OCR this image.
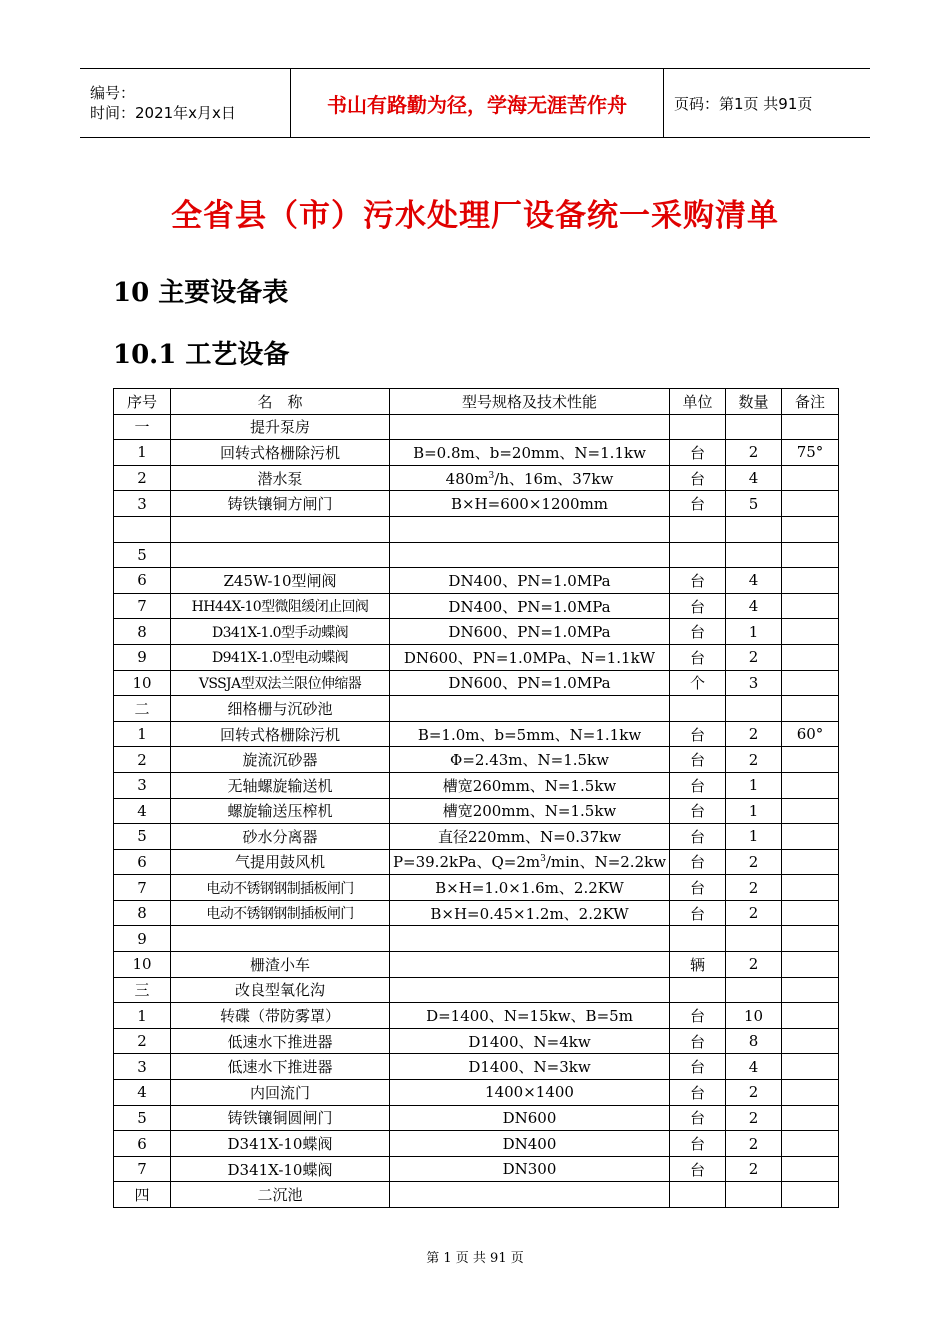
编号：
时间：2021年x月x日	书山有路勤为径，学海无涯苦作舟	页码：第1页 共91页
全省县（市）污水处理厂设备统一采购清单
10 主要设备表
10.1 工艺设备
序号	名　称	型号规格及技术性能	单位	数量	备注
一	提升泵房				
1	回转式格栅除污机	B=0.8m、b=20mm、N=1.1kw	台	2	75°
2	潜水泵	$480m^3/h$、16m、37kw	台	4	
3	铸铁镶铜方闸门	B×H=600×1200mm	台	5	

5					
6	Z45W-10型闸阀	DN400、PN=1.0MPa	台	4	
7	HH44X-10型微阻缓闭止回阀	DN400、PN=1.0MPa	台	4	
8	D341X-1.0型手动蝶阀	DN600、PN=1.0MPa	台	1	
9	D941X-1.0型电动蝶阀	DN600、PN=1.0MPa、N=1.1kW	台	2	
10	VSSJA型双法兰限位伸缩器	DN600、PN=1.0MPa	个	3	
二	细格栅与沉砂池				
1	回转式格栅除污机	B=1.0m、b=5mm、N=1.1kw	台	2	60°
2	旋流沉砂器	Φ=2.43m、N=1.5kw	台	2	
3	无轴螺旋输送机	槽宽260mm、N=1.5kw	台	1	
4	螺旋输送压榨机	槽宽200mm、N=1.5kw	台	1	
5	砂水分离器	直径220mm、N=0.37kw	台	1	
6	气提用鼓风机	P=39.2kPa、$Q=2m^3/\min$、N=2.2kw	台	2	
7	电动不锈钢钢制插板闸门	B×H=1.0×1.6m、2.2KW	台	2	
8	电动不锈钢钢制插板闸门	B×H=0.45×1.2m、2.2KW	台	2	
9					
10	栅渣小车		辆	2	
三	改良型氧化沟				
1	转碟（带防雾罩）	D=1400、N=15kw、B=5m	台	10	
2	低速水下推进器	D1400、N=4kw	台	8	
3	低速水下推进器	D1400、N=3kw	台	4	
4	内回流门	1400×1400	台	2	
5	铸铁镶铜圆闸门	DN600	台	2	
6	D341X-10蝶阀	DN400	台	2	
7	D341X-10蝶阀	DN300	台	2	
四	二沉池				
第 1 页 共 91 页
